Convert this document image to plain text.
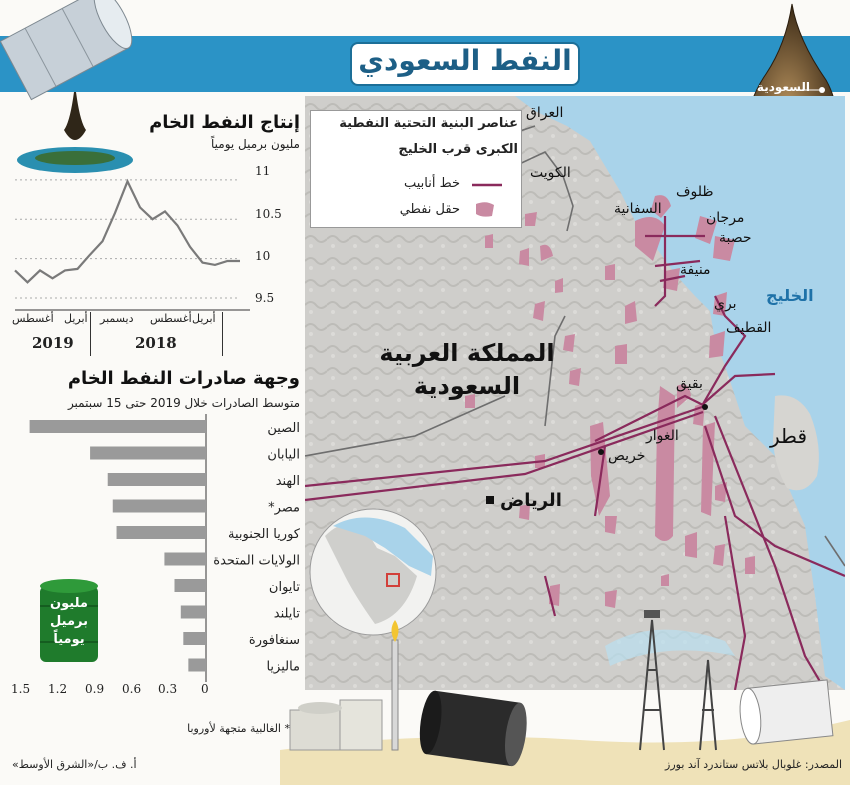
السعودية
النفط السعودي
عناصر البنية التحتية النفطية
الكبرى قرب الخليج
خط أنابيب
حقل نفطي
العراق
الكويت
ظلوف
السفانية
مرجان
حصبة
منيفة
الخليج
بري
القطيف
المملكة العربية
السعودية	بقيق
الغوار
خريص
قطر
الرياض
إنتاج النفط الخام
مليون برميل يومياً
11
10.5
10
9.5
أغسطس أبريل ديسمبر أغسطس أبريل
2019	2018
وجهة صادرات النفط الخام
متوسط الصادرات خلال 2019 حتى 15 سبتمبر
الصين
اليابان
الهند
مصر*
كوريا الجنوبية
الولايات المتحدة
تايوان
تايلند
سنغافورة
ماليزيا
مليون
برميل
يومياً
1.5 1.2 0.9 0.6 0.3 0
* الغالبية متجهة لأوروبا
المصدر: غلوبال بلاتس ستاندرد آند بورز
أ. ف. ب/«الشرق الأوسط»
